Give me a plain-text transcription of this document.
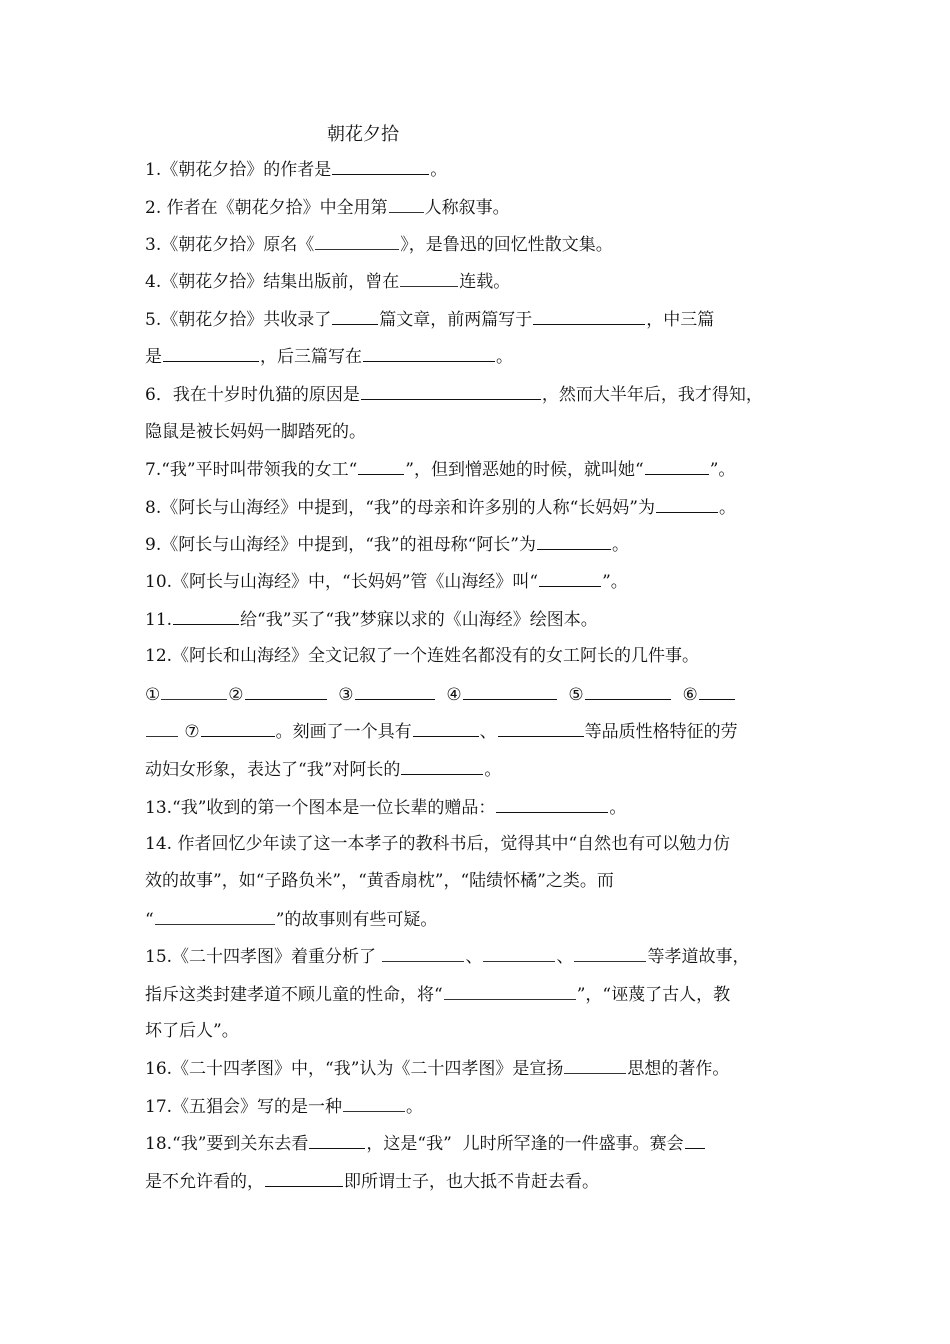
朝花夕拾
1.《朝花夕拾》的作者是	。
2. 作者在《朝花夕拾》中全用第 人称叙事。
3.《朝花夕拾》原名《	》，是鲁迅的回忆性散文集。
4.《朝花夕拾》结集出版前，曾在	连载。
5.《朝花夕拾》共收录了	篇文章，前两篇写于	，中三篇
是	，后三篇写在	。
6．我在十岁时仇猫的原因是	，然而大半年后，我才得知，
隐鼠是被长妈妈一脚踏死的。
7.“我”平时叫带领我的女工“	”，但到憎恶她的时候，就叫她“	”。
8.《阿长与山海经》中提到，“我”的母亲和许多别的人称“长妈妈”为	。
9.《阿长与山海经》中提到，“我”的祖母称“阿长”为	。
10.《阿长与山海经》中，“长妈妈”管《山海经》叫“	”。
11.	给“我”买了“我”梦寐以求的《山海经》绘图本。
12.《阿长和山海经》全文记叙了一个连姓名都没有的女工阿长的几件事。
①	②	③	④	⑤	⑥
⑦	。刻画了一个具有	、	等品质性格特征的劳
动妇女形象，表达了“我”对阿长的	。
13.“我”收到的第一个图本是一位长辈的赠品：	。
14. 作者回忆少年读了这一本孝子的教科书后，觉得其中“自然也有可以勉力仿
效的故事”，如“子路负米”，“黄香扇枕”，“陆绩怀橘”之类。而
“	”的故事则有些可疑。
15.《二十四孝图》着重分析了	、	、	等孝道故事，
指斥这类封建孝道不顾儿童的性命，将“	”，“诬蔑了古人，教
坏了后人”。
16.《二十四孝图》中，“我”认为《二十四孝图》是宣扬	思想的著作。
17.《五猖会》写的是一种	。
18.“我”要到关东去看	，这是“我”  儿时所罕逢的一件盛事。赛会
是不允许看的，	即所谓士子，也大抵不肯赶去看。
